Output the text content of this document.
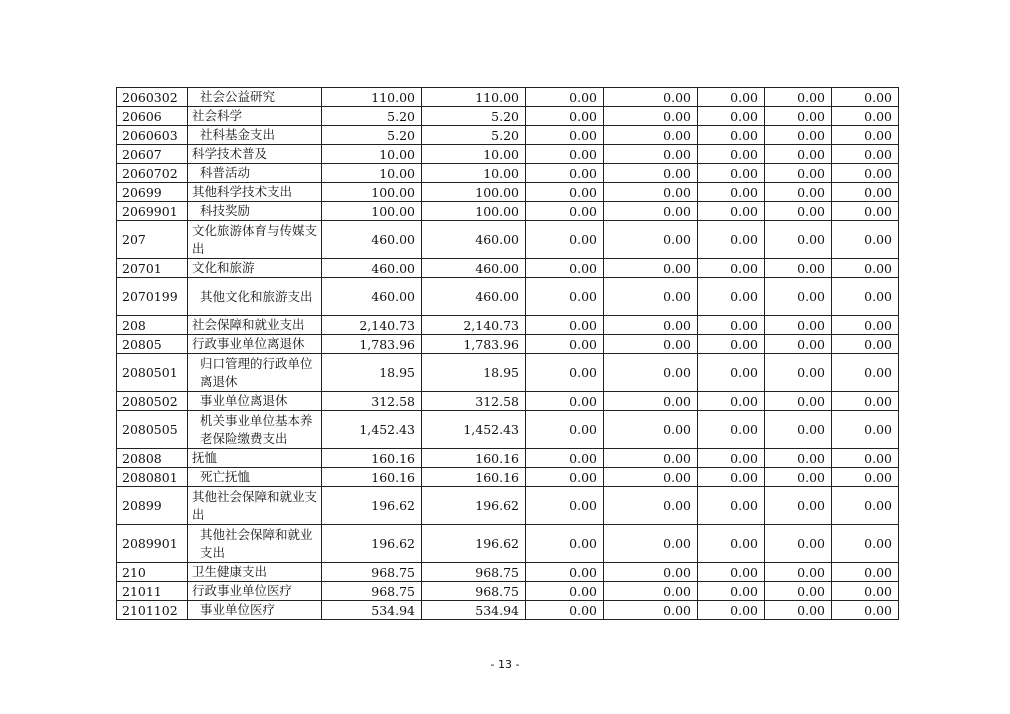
2060302	社会公益研究	110.00	110.00	0.00	0.00	0.00	0.00	0.00
20606	社会科学	5.20	5.20	0.00	0.00	0.00	0.00	0.00
2060603	社科基金支出	5.20	5.20	0.00	0.00	0.00	0.00	0.00
20607	科学技术普及	10.00	10.00	0.00	0.00	0.00	0.00	0.00
2060702	科普活动	10.00	10.00	0.00	0.00	0.00	0.00	0.00
20699	其他科学技术支出	100.00	100.00	0.00	0.00	0.00	0.00	0.00
2069901	科技奖励	100.00	100.00	0.00	0.00	0.00	0.00	0.00
207	文化旅游体育与传媒支出	460.00	460.00	0.00	0.00	0.00	0.00	0.00
20701	文化和旅游	460.00	460.00	0.00	0.00	0.00	0.00	0.00
2070199	其他文化和旅游支出	460.00	460.00	0.00	0.00	0.00	0.00	0.00
208	社会保障和就业支出	2,140.73	2,140.73	0.00	0.00	0.00	0.00	0.00
20805	行政事业单位离退休	1,783.96	1,783.96	0.00	0.00	0.00	0.00	0.00
2080501	归口管理的行政单位离退休	18.95	18.95	0.00	0.00	0.00	0.00	0.00
2080502	事业单位离退休	312.58	312.58	0.00	0.00	0.00	0.00	0.00
2080505	机关事业单位基本养老保险缴费支出	1,452.43	1,452.43	0.00	0.00	0.00	0.00	0.00
20808	抚恤	160.16	160.16	0.00	0.00	0.00	0.00	0.00
2080801	死亡抚恤	160.16	160.16	0.00	0.00	0.00	0.00	0.00
20899	其他社会保障和就业支出	196.62	196.62	0.00	0.00	0.00	0.00	0.00
2089901	其他社会保障和就业支出	196.62	196.62	0.00	0.00	0.00	0.00	0.00
210	卫生健康支出	968.75	968.75	0.00	0.00	0.00	0.00	0.00
21011	行政事业单位医疗	968.75	968.75	0.00	0.00	0.00	0.00	0.00
2101102	事业单位医疗	534.94	534.94	0.00	0.00	0.00	0.00	0.00
- 13 -
